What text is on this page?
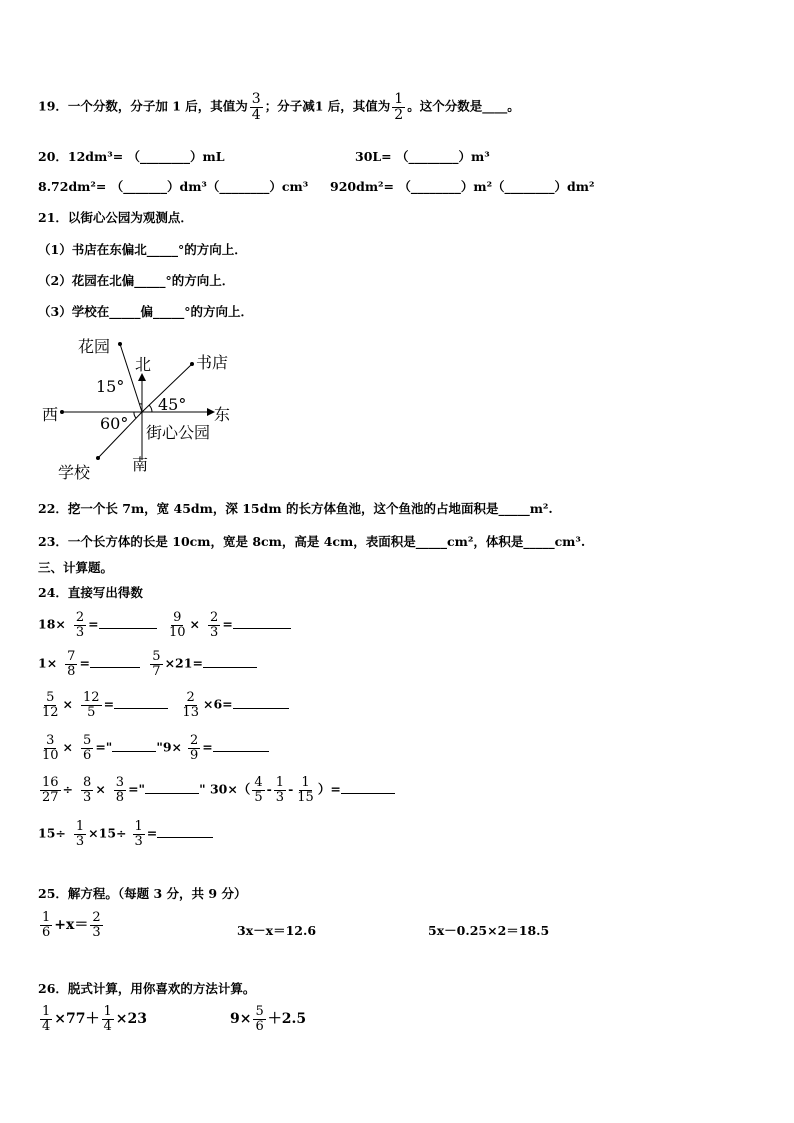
19．一个分数，分子加 1 后，其值为 $\frac{3}{4}$ ；分子减1 后，其值为 $\frac{1}{2}$ 。这个分数是____。
20．12dm³= （________）mL	30L= （________）m³
8.72dm²= （_______）dm³（________）cm³ 920dm²= （________）m²（________）dm²
21．以街心公园为观测点．
（1）书店在东偏北_____°的方向上．
（2）花园在北偏_____°的方向上．
（3）学校在_____偏_____°的方向上．
花园
北	书店
15°
45°
西	东
60° 街心公园
南
学校
22．挖一个长 7m，宽 45dm，深 15dm 的长方体鱼池，这个鱼池的占地面积是_____m².
23．一个长方体的长是 10cm，宽是 8cm，高是 4cm，表面积是_____cm²，体积是_____cm³.
三、计算题。
24．直接写出得数
$18\times \frac{2}{3}$ =	$\frac{9}{10} \times \frac{2}{3}$ =
$1\times \frac{7}{8}$ =	$\frac{5}{7} \times 21=$
$\frac{5}{12} \times \frac{12}{5}$ =	$\frac{2}{13} \times 6=$
$\frac{3}{10} \times \frac{5}{6}$ ="	"$9\times \frac{2}{9}$ =
$\frac{16}{27} \div \frac{8}{3} \times \frac{3}{8}$ ="	" $30\times( \frac{4}{5} - \frac{1}{3} - \frac{1}{15}$ ）=
$15\div \frac{1}{3} \times 15\div \frac{1}{3}$ =
25．解方程。（每题 3 分，共 9 分）
$\frac{1}{6} +x= \frac{2}{3}$	3x－x＝12.6	5x－0.25×2＝18.5
26．脱式计算，用你喜欢的方法计算。
$\frac{1}{4} \times 77+ \frac{1}{4} \times 23$	$9\times \frac{5}{6} +2.5$
